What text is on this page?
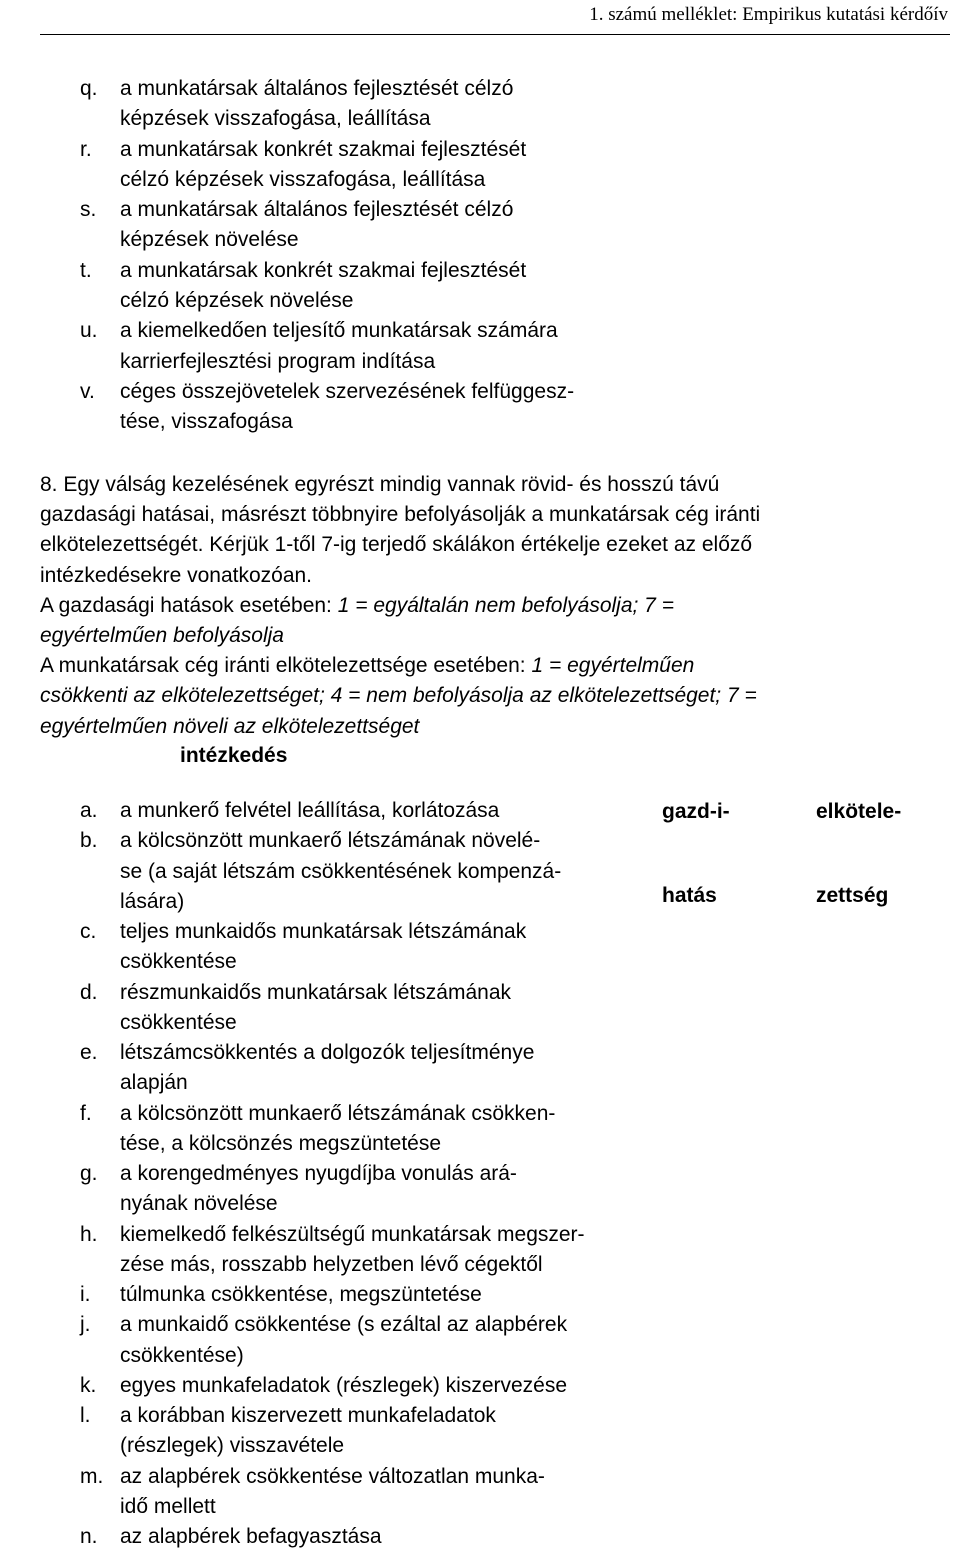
1. számú melléklet: Empirikus kutatási kérdőív
q. a munkatársak általános fejlesztését célzó
képzések visszafogása, leállítása
r. a munkatársak konkrét szakmai fejlesztését
célzó képzések visszafogása, leállítása
s. a munkatársak általános fejlesztését célzó
képzések növelése
t. a munkatársak konkrét szakmai fejlesztését
célzó képzések növelése
u. a kiemelkedően teljesítő munkatársak számára
karrierfejlesztési program indítása
v. céges összejövetelek szervezésének felfüggesz-
tése, visszafogása
8. Egy válság kezelésének egyrészt mindig vannak rövid- és hosszú távú
gazdasági hatásai, másrészt többnyire befolyásolják a munkatársak cég iránti
elkötelezettségét. Kérjük 1-től 7-ig terjedő skálákon értékelje ezeket az előző
intézkedésekre vonatkozóan.
A gazdasági hatások esetében: 1 = egyáltalán nem befolyásolja; 7 =
egyértelműen befolyásolja
A munkatársak cég iránti elkötelezettsége esetében: 1 = egyértelműen
csökkenti az elkötelezettséget; 4 = nem befolyásolja az elkötelezettséget; 7 =
egyértelműen növeli az elkötelezettséget
intézkedés

gazd-i-

hatás

elkötele-

zettség

a. a munkerő felvétel leállítása, korlátozása
b. a kölcsönzött munkaerő létszámának növelé-
se (a saját létszám csökkentésének kompenzá-
lására)
c. teljes munkaidős munkatársak létszámának
csökkentése
d. részmunkaidős munkatársak létszámának
csökkentése
e. létszámcsökkentés a dolgozók teljesítménye
alapján
f. a kölcsönzött munkaerő létszámának csökken-
tése, a kölcsönzés megszüntetése
g. a korengedményes nyugdíjba vonulás ará-
nyának növelése
h. kiemelkedő felkészültségű munkatársak megszer-
zése más, rosszabb helyzetben lévő cégektől
i. túlmunka csökkentése, megszüntetése
j. a munkaidő csökkentése (s ezáltal az alapbérek
csökkentése)
k. egyes munkafeladatok (részlegek) kiszervezése
l. a korábban kiszervezett munkafeladatok
(részlegek) visszavétele
m. az alapbérek csökkentése változatlan munka-
idő mellett
n. az alapbérek befagyasztása
